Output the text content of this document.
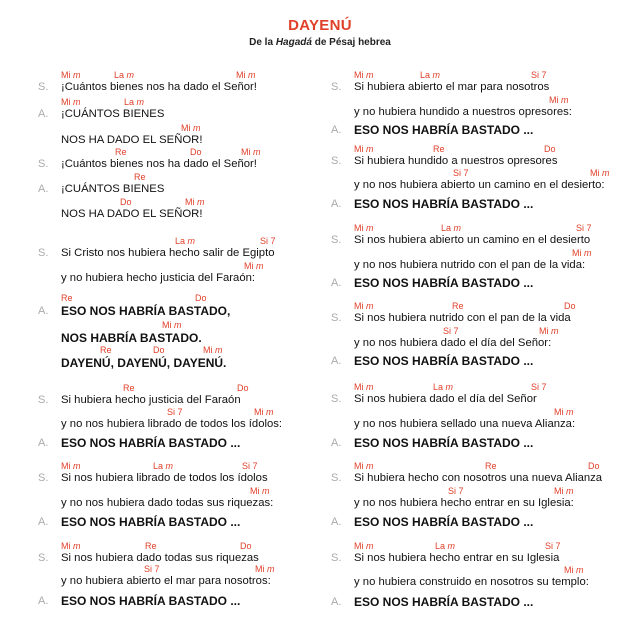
DAYENÚ
De la Hagadá de Pésaj hebrea
S. ¡Cuántos bienes nos ha dado el Señor!
Mi m	La m	Mi m
A. ¡CUÁNTOS BIENES
Mi m	La m
NOS HA DADO EL SEÑOR!
Mi m
S. ¡Cuántos bienes nos ha dado el Señor!
Re	Do	Mi m
A. ¡CUÁNTOS BIENES
Re
NOS HA DADO EL SEÑOR!
Do	Mi m
S. Si Cristo nos hubiera hecho salir de Egipto
La m	Si 7
y no hubiera hecho justicia del Faraón:
Mi m
A. ESO NOS HABRÍA BASTADO,
Re	Do
NOS HABRÍA BASTADO.
Mi m
DAYENÚ, DAYENÚ, DAYENÚ.
Re	Do	Mi m
S. Si hubiera hecho justicia del Faraón
Re	Do
y no nos hubiera librado de todos los ídolos:
Si 7	Mi m
A. ESO NOS HABRÍA BASTADO ...
S. Si nos hubiera librado de todos los ídolos
Mi m	La m	Si 7
y no nos hubiera dado todas sus riquezas:
Mi m
A. ESO NOS HABRÍA BASTADO ...
S. Si nos hubiera dado todas sus riquezas
Mi m	Re	Do
y no hubiera abierto el mar para nosotros:
Si 7	Mi m
A. ESO NOS HABRÍA BASTADO ...
S. Si hubiera abierto el mar para nosotros
Mi m	La m	Si 7
y no hubiera hundido a nuestros opresores:
Mi m
A. ESO NOS HABRÍA BASTADO ...
S. Si hubiera hundido a nuestros opresores
Mi m	Re	Do
y no nos hubiera abierto un camino en el desierto:
Si 7	Mi m
A. ESO NOS HABRÍA BASTADO ...
S. Si nos hubiera abierto un camino en el desierto
Mi m	La m	Si 7
y no nos hubiera nutrido con el pan de la vida:
Mi m
A. ESO NOS HABRÍA BASTADO ...
S. Si nos hubiera nutrido con el pan de la vida
Mi m	Re	Do
y no nos hubiera dado el día del Señor:
Si 7	Mi m
A. ESO NOS HABRÍA BASTADO ...
S. Si nos hubiera dado el día del Señor
Mi m	La m	Si 7
y no nos hubiera sellado una nueva Alianza:
Mi m
A. ESO NOS HABRÍA BASTADO ...
S. Si hubiera hecho con nosotros una nueva Alianza
Mi m	Re	Do
y no nos hubiera hecho entrar en su Iglesia:
Si 7	Mi m
A. ESO NOS HABRÍA BASTADO ...
S. Si nos hubiera hecho entrar en su Iglesia
Mi m	La m	Si 7
y no hubiera construido en nosotros su templo:
Mi m
A. ESO NOS HABRÍA BASTADO ...
